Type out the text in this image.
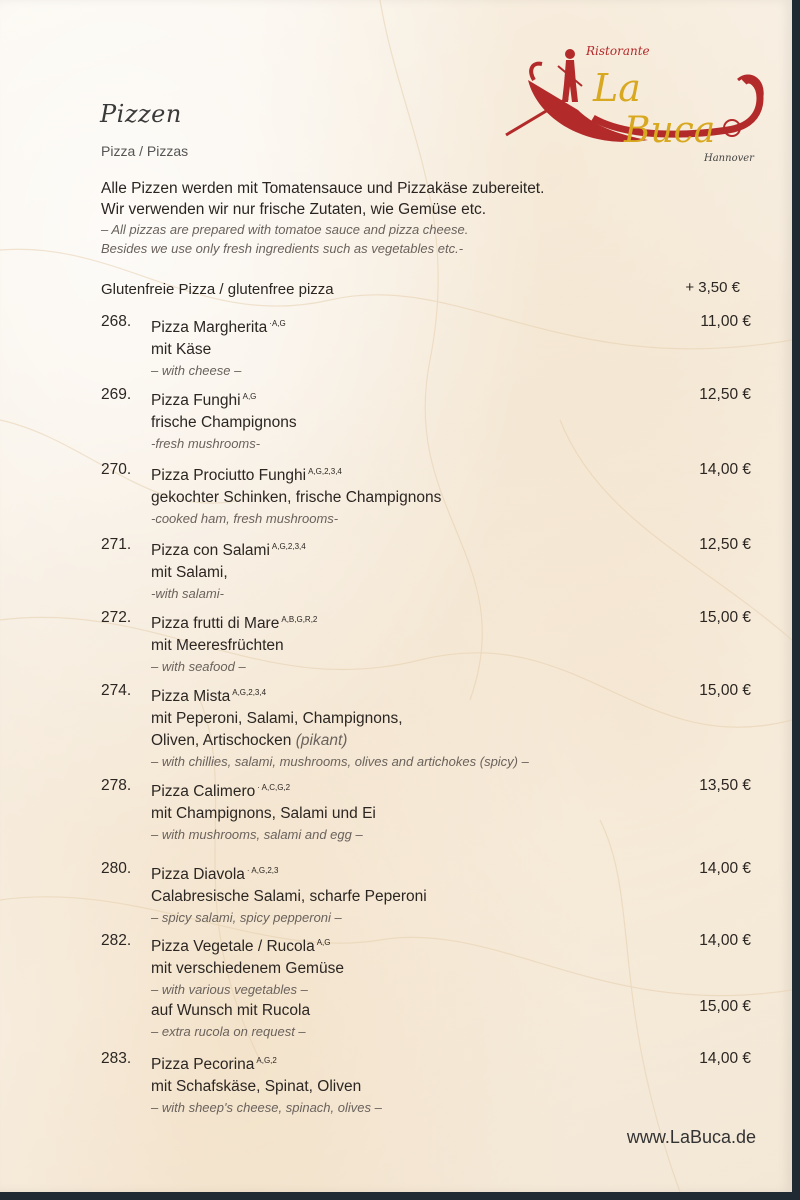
Pizzen
Pizza / Pizzas
Ristorante
La
Buca
Hannover
Alle Pizzen werden mit Tomatensauce und Pizzakäse zubereitet.
Wir verwenden wir nur frische Zutaten, wie Gemüse etc.
– All pizzas are prepared with tomatoe sauce and pizza cheese.
Besides we use only fresh ingredients such as vegetables etc.-
Glutenfreie Pizza / glutenfree pizza	+ 3,50 €
268. Pizza Margherita $^{\cdot A,G}$
mit Käse
– with cheese –
11,00 €
269. Pizza Funghi $^{A,G}$
frische Champignons
-fresh mushrooms-
12,50 €
270. Pizza Prociutto Funghi $^{A,G,2,3,4}$
gekochter Schinken, frische Champignons
-cooked ham, fresh mushrooms-
14,00 €
271. Pizza con Salami $^{A,G,2,3,4}$
mit Salami,
-with salami-
12,50 €
272. Pizza frutti di Mare $^{A,B,G,R,2}$
mit Meeresfrüchten
– with seafood –
15,00 €
274. Pizza Mista $^{A,G,2,3,4}$
mit Peperoni, Salami, Champignons,
Oliven, Artischocken (pikant)
– with chillies, salami, mushrooms, olives and artichokes (spicy) –
15,00 €
278. Pizza Calimero $^{\cdot A,C,G,2}$
mit Champignons, Salami und Ei
– with mushrooms, salami and egg –
13,50 €
280. Pizza Diavola $^{\cdot A,G,2,3}$
Calabresische Salami, scharfe Peperoni
– spicy salami, spicy pepperoni –
14,00 €
282. Pizza Vegetale / Rucola $^{A,G}$
mit verschiedenem Gemüse
– with various vegetables –
auf Wunsch mit Rucola
– extra rucola on request –
14,00 €
15,00 €
283. Pizza Pecorina $^{A,G,2}$
mit Schafskäse, Spinat, Oliven
– with sheep's cheese, spinach, olives –
14,00 €
www.LaBuca.de
